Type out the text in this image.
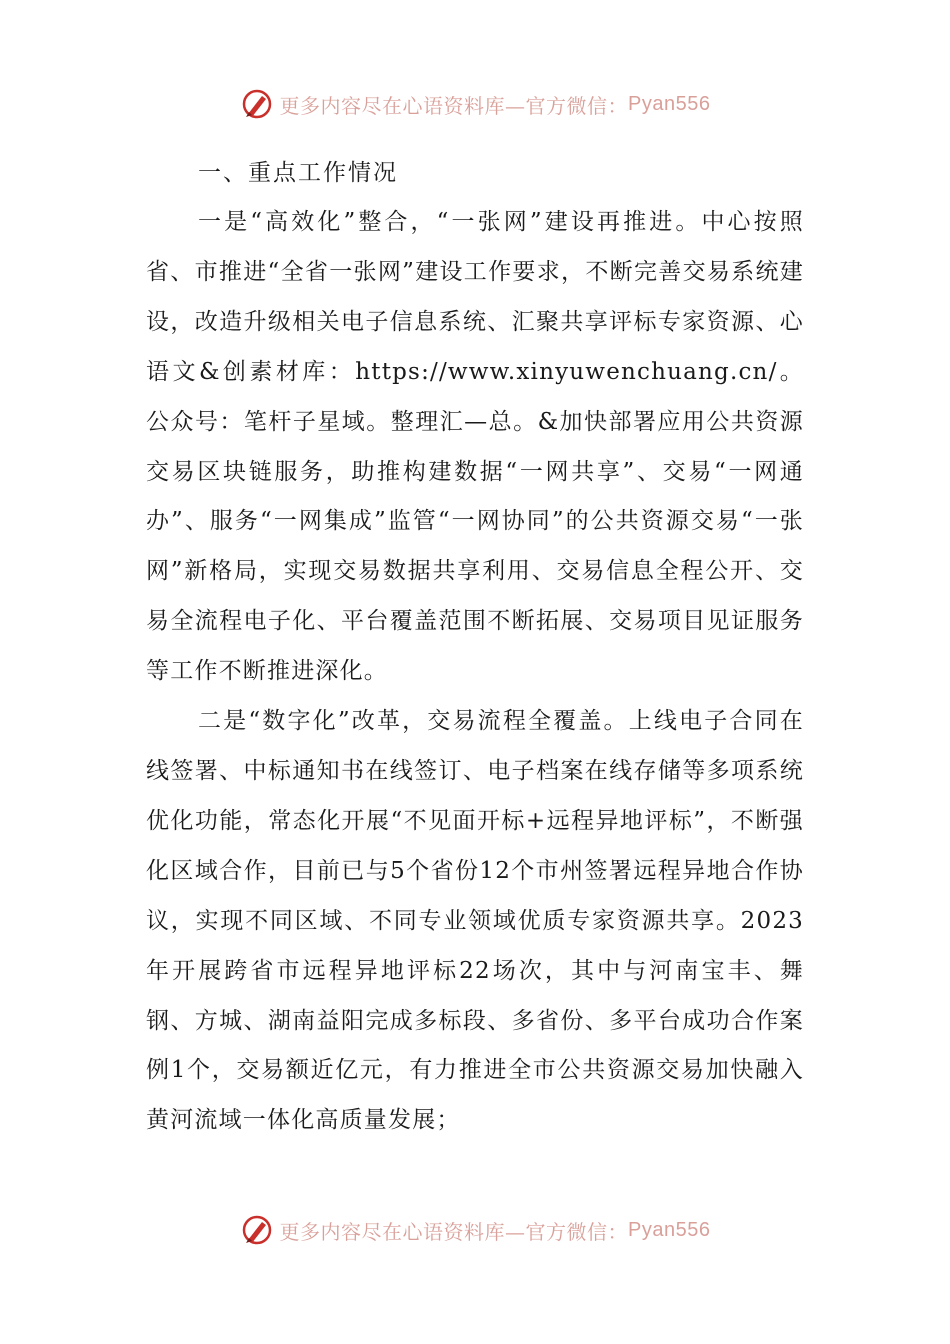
更多内容尽在心语资料库—官方微信： Pyan556
一、重点工作情况

一是“高效化”整合，“一张网”建设再推进。中心按照省、市推进“全省一张网”建设工作要求，不断完善交易系统建设，改造升级相关电子信息系统、汇聚共享评标专家资源、心语文&创素材库：https://www.xinyuwenchuang.cn/。公众号：笔杆子星域。整理汇—总。&加快部署应用公共资源交易区块链服务，助推构建数据“一网共享”、交易“一网通办”、服务“一网集成”监管“一网协同”的公共资源交易“一张网”新格局，实现交易数据共享利用、交易信息全程公开、交易全流程电子化、平台覆盖范围不断拓展、交易项目见证服务等工作不断推进深化。

二是“数字化”改革，交易流程全覆盖。上线电子合同在线签署、中标通知书在线签订、电子档案在线存储等多项系统优化功能，常态化开展“不见面开标+远程异地评标”，不断强化区域合作，目前已与5个省份12个市州签署远程异地合作协议，实现不同区域、不同专业领域优质专家资源共享。2023年开展跨省市远程异地评标22场次，其中与河南宝丰、舞钢、方城、湖南益阳完成多标段、多省份、多平台成功合作案例1个，交易额近亿元，有力推进全市公共资源交易加快融入黄河流域一体化高质量发展；

更多内容尽在心语资料库—官方微信： Pyan556
